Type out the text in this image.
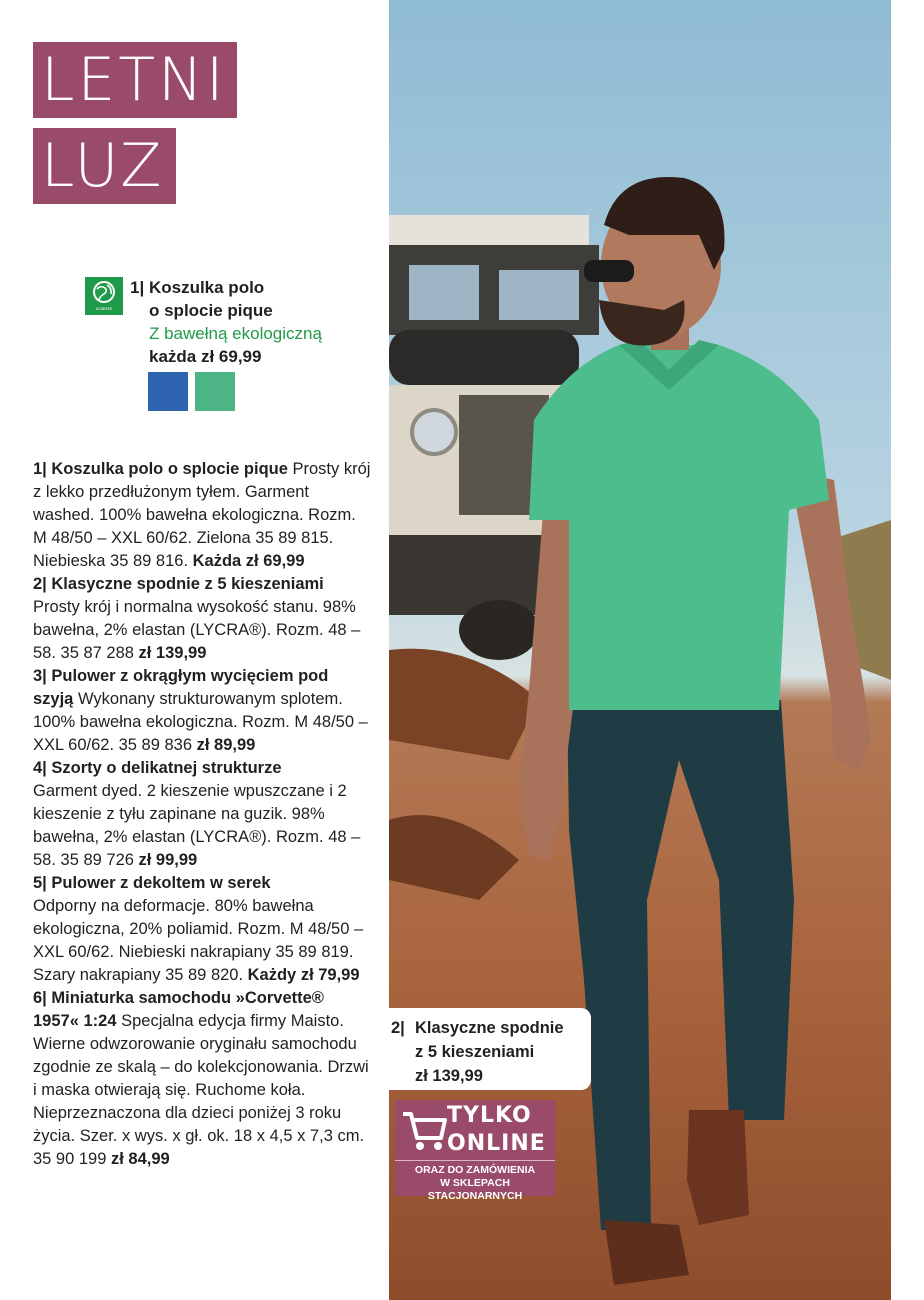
LETNI
LUZ
DOBRZE ZROBIONE
1| Koszulka polo
o splocie pique
Z bawełną ekologiczną
każda zł 69,99

1| Koszulka polo o splocie pique Prosty krój z lekko przedłużonym tyłem. Garment washed. 100% bawełna ekologiczna. Rozm. M 48/50 – XXL 60/62. Zielona 35 89 815. Niebieska 35 89 816. Każda zł 69,99

2| Klasyczne spodnie z 5 kieszeniami
Prosty krój i normalna wysokość stanu. 98% bawełna, 2% elastan (LYCRA®). Rozm. 48 – 58. 35 87 288 zł 139,99

3| Pulower z okrągłym wycięciem pod szyją Wykonany strukturowanym splotem. 100% bawełna ekologiczna. Rozm. M 48/50 –XXL 60/62. 35 89 836 zł 89,99

4| Szorty o delikatnej strukturze
Garment dyed. 2 kieszenie wpuszczane i 2 kieszenie z tyłu zapinane na guzik. 98% bawełna, 2% elastan (LYCRA®). Rozm. 48 – 58. 35 89 726 zł 99,99

5| Pulower z dekoltem w serek
Odporny na deformacje. 80% bawełna ekologiczna, 20% poliamid. Rozm. M 48/50 – XXL 60/62. Niebieski nakrapiany 35 89 819. Szary nakrapiany 35 89 820. Każdy zł 79,99

6| Miniaturka samochodu »Corvette® 1957« 1:24 Specjalna edycja firmy Maisto. Wierne odwzorowanie oryginału samochodu zgodnie ze skalą – do kolekcjonowania. Drzwi i maska otwierają się. Ruchome koła. Nieprzeznaczona dla dzieci poniżej 3 roku życia. Szer. x wys. x gł. ok. 18 x 4,5 x 7,3 cm. 35 90 199 zł 84,99

2| Klasyczne spodnie
z 5 kieszeniami
zł 139,99
TYLKO
ONLINE
ORAZ DO ZAMÓWIENIA
W SKLEPACH STACJONARNYCH
